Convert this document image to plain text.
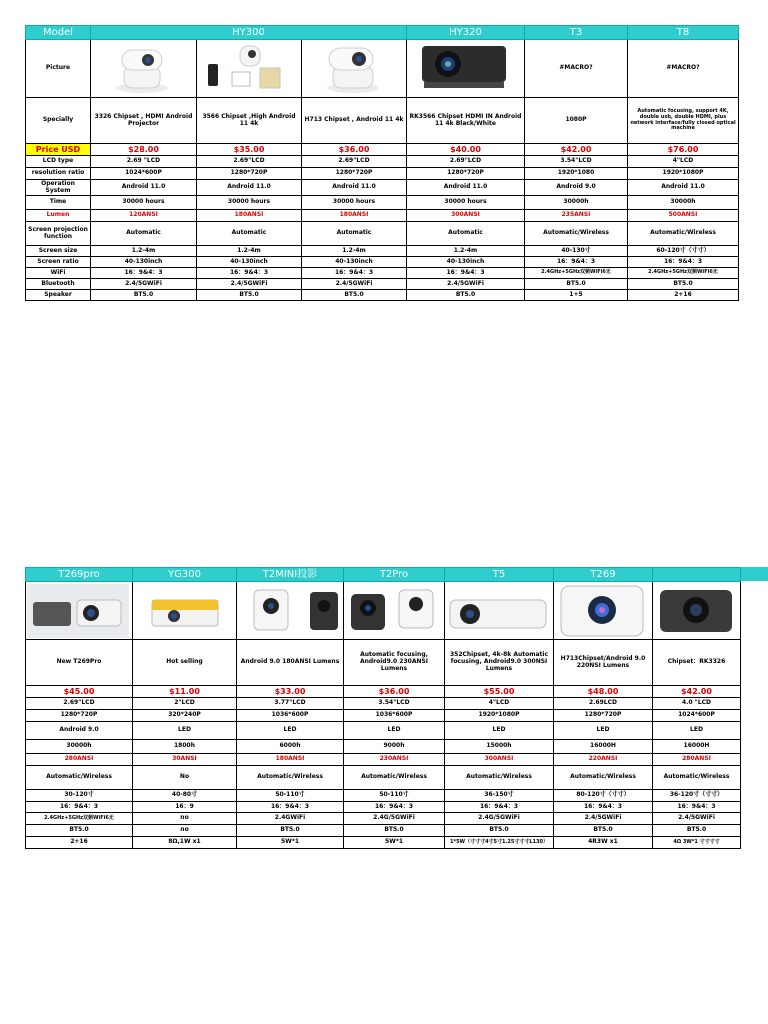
Model	HY300			HY320	T3	T8
Picture					#MACRO?	#MACRO?
Specially	3326 Chipset , HDMI Android Projector	3566 Chipset ,High Android 11 4k	H713 Chipset , Android 11 4k	RK3566 Chipset HDMI IN Android 11 4k Black/White	1080P	Automatic focusing, support 4K, double usb, double HDMI, plus network interface/fully closed optical machine
Price USD	$28.00	$35.00	$36.00	$40.00	$42.00	$76.00
LCD type	2.69 "LCD	2.69"LCD	2.69"LCD	2.69"LCD	3.54"LCD	4"LCD
resolution ratio	1024*600P	1280*720P	1280*720P	1280*720P	1920*1080	1920*1080P
Operation System	Android 11.0	Android 11.0	Android 11.0	Android 11.0	Android 9.0	Android 11.0
Time	30000 hours	30000 hours	30000 hours	30000 hours	30000h	30000h
Lumen	120ANSI	180ANSI	180ANSI	300ANSI	235ANSI	500ANSI
Screen projection function	Automatic	Automatic	Automatic	Automatic	Automatic/Wireless	Automatic/Wireless
Screen size	1.2-4m	1.2-4m	1.2-4m	1.2-4m	40-130寸	60-120寸（寸寸）
Screen ratio	40-130inch	40-130inch	40-130inch	40-130inch	16：9&4：3	16：9&4：3
WiFi	16：9&4：3	16：9&4：3	16：9&4：3	16：9&4：3	2.4GHz+5GHz双频WiFi6无	2.4GHz+5GHz双频WiFi6无
Bluetooth	2.4/5GWiFi	2.4/5GWiFi	2.4/5GWiFi	2.4/5GWiFi	BT5.0	BT5.0
Speaker	BT5.0	BT5.0	BT5.0	BT5.0	1+5	2+16
T269pro	YG300	T2MINI投影	T2Pro	T5	T269	

New T269Pro	Hot selling	Android 9.0 180ANSI Lumens	Automatic focusing, Android9.0 230ANSI Lumens	352Chipset, 4k-8k Automatic focusing, Android9.0 300NSI Lumens	H713Chipset/Android 9.0 220NSI Lumens	Chipset：RK3326
$45.00	$11.00	$33.00	$36.00	$55.00	$48.00	$42.00
2.69"LCD	2"LCD	3.77"LCD	3.54"LCD	4"LCD	2.69LCD	4.0 "LCD
1280*720P	320*240P	1036*600P	1036*600P	1920*1080P	1280*720P	1024*600P
Android 9.0	LED	LED	LED	LED	LED	LED
30000h	1800h	6000h	9000h	15000h	16000H	16000H
280ANSI	30ANSI	180ANSI	230ANSI	300ANSI	220ANSI	280ANSI
Automatic/Wireless	No	Automatic/Wireless	Automatic/Wireless	Automatic/Wireless	Automatic/Wireless	Automatic/Wireless
30-120寸	40-80寸	50-110寸	50-110寸	36-150寸	80-120寸（寸寸）	36-120寸（寸寸）
16：9&4：3	16：9	16：9&4：3	16：9&4：3	16：9&4：3	16：9&4：3	16：9&4：3
2.4GHz+5GHz双频WiFi6无	no	2.4GWiFi	2.4G/5GWiFi	2.4G/5GWiFi	2.4/5GWiFi	2.4/5GWiFi
BT5.0	no	BT5.0	BT5.0	BT5.0	BT5.0	BT5.0
2+16	8Ω,1W x1	5W*1	5W*1	1*5W（寸寸寸4寸5寸1.25寸寸寸L130）	4R3W x1	4Ω 3W*1 寸寸寸寸
